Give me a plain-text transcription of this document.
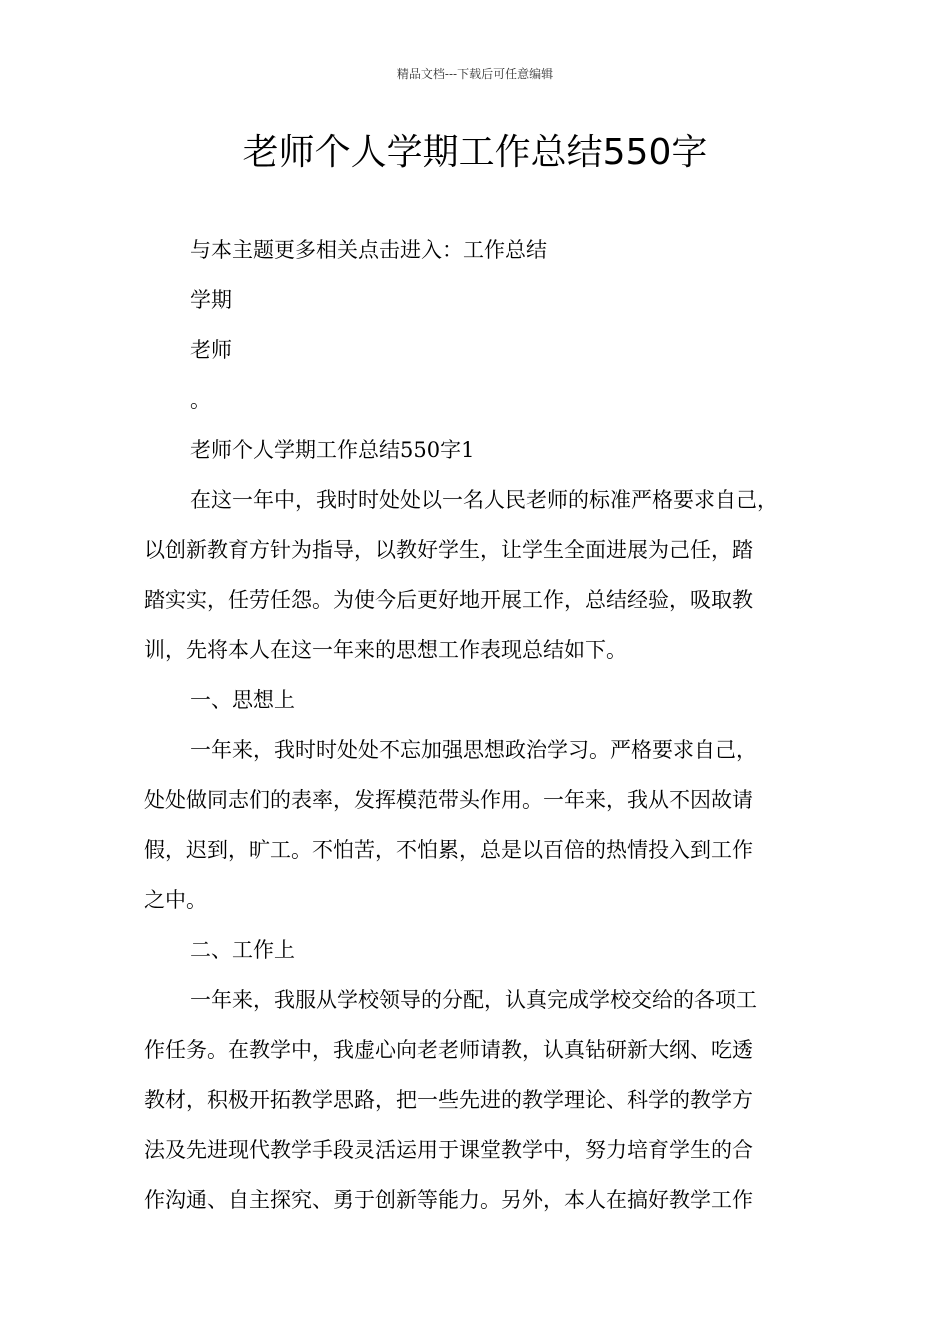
精品文档---下载后可任意编辑
老师个人学期工作总结550字

与本主题更多相关点击进入：工作总结

学期

老师

。

老师个人学期工作总结550字1

在这一年中，我时时处处以一名人民老师的标准严格要求自己，
以创新教育方针为指导，以教好学生，让学生全面进展为己任，踏
踏实实，任劳任怨。为使今后更好地开展工作，总结经验，吸取教
训，先将本人在这一年来的思想工作表现总结如下。

一、思想上

一年来，我时时处处不忘加强思想政治学习。严格要求自己，
处处做同志们的表率，发挥模范带头作用。一年来，我从不因故请
假，迟到，旷工。不怕苦，不怕累，总是以百倍的热情投入到工作
之中。

二、工作上

一年来，我服从学校领导的分配，认真完成学校交给的各项工
作任务。在教学中，我虚心向老老师请教，认真钻研新大纲、吃透
教材，积极开拓教学思路，把一些先进的教学理论、科学的教学方
法及先进现代教学手段灵活运用于课堂教学中，努力培育学生的合
作沟通、自主探究、勇于创新等能力。另外，本人在搞好教学工作
